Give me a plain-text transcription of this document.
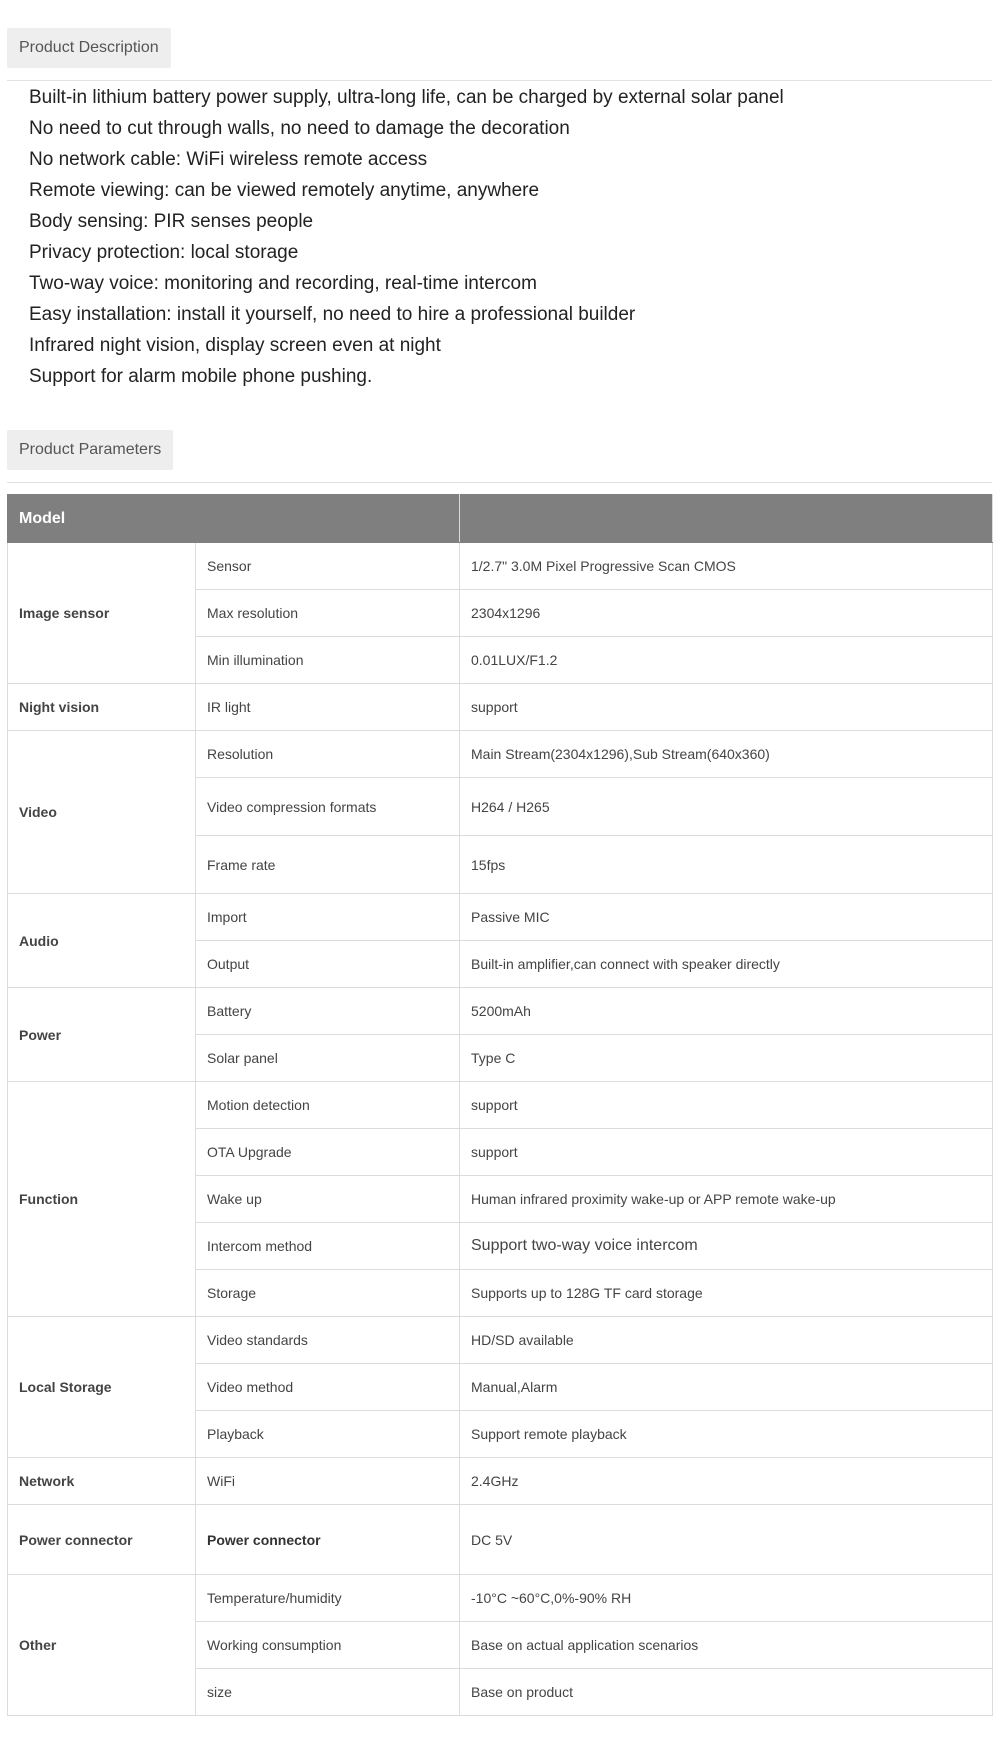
Product Description
Built-in lithium battery power supply, ultra-long life, can be charged by external solar panel
No need to cut through walls, no need to damage the decoration
No network cable: WiFi wireless remote access
Remote viewing: can be viewed remotely anytime, anywhere
Body sensing: PIR senses people
Privacy protection: local storage
Two-way voice: monitoring and recording, real-time intercom
Easy installation: install it yourself, no need to hire a professional builder
Infrared night vision, display screen even at night
Support for alarm mobile phone pushing.
Product Parameters
Model		
Image sensor	Sensor	1/2.7" 3.0M Pixel Progressive Scan CMOS
	Max resolution	2304x1296
	Min illumination	0.01LUX/F1.2
Night vision	IR light	support
Video	Resolution	Main Stream(2304x1296),Sub Stream(640x360)
	Video compression formats	H264 / H265
	Frame rate	15fps
Audio	Import	Passive MIC
	Output	Built-in amplifier,can connect with speaker directly
Power	Battery	5200mAh
	Solar panel	Type C
Function	Motion detection	support
	OTA Upgrade	support
	Wake up	Human infrared proximity wake-up or APP remote wake-up
	Intercom method	Support two-way voice intercom
	Storage	Supports up to 128G TF card storage
Local Storage	Video standards	HD/SD available
	Video method	Manual,Alarm
	Playback	Support remote playback
Network	WiFi	2.4GHz
Power connector	Power connector	DC 5V
Other	Temperature/humidity	-10°C ~60°C,0%-90% RH
	Working consumption	Base on actual application scenarios
	size	Base on product
